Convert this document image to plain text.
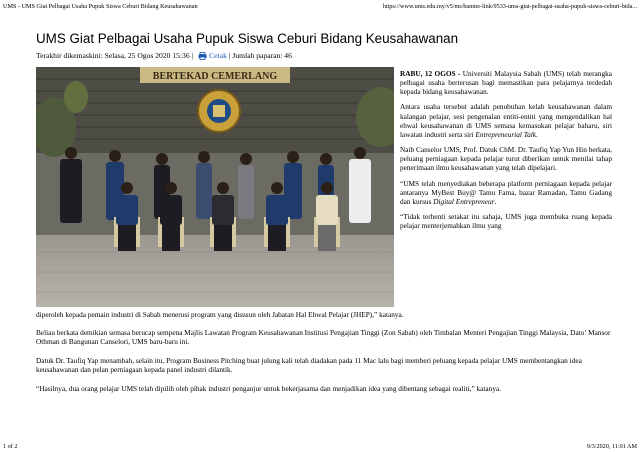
UMS - UMS Giat Pelbagai Usaha Pupuk Siswa Ceburi Bidang Keusahawanan	https://www.ums.edu.my/v5/ms/banner-link/9533-ums-giat-pelbagai-usaha-pupuk-siswa-ceburi-bida...
UMS Giat Pelbagai Usaha Pupuk Siswa Ceburi Bidang Keusahawanan
Terakhir dikemaskini: Selasa, 25 Ogos 2020 15:36 | Cetak | Jumlah paparan: 46
BERTEKAD CEMERLANG	RABU, 12 OGOS - Universiti Malaysia Sabah (UMS) telah merangka pelbagai usaha berterusan bagi memastikan para pelajarnya terdedah kepada bidang keusahawanan.

Antara usaha tersebut adalah penubuhan kelab keusahawanan dalam kalangan pelajar, sesi pengenalan entiti-entiti yang mengendalikan hal ehwal keusahawanan di UMS semasa kemasukan pelajar baharu, siri lawatan industri serta siri Entrepreneurial Talk.

Naib Canselor UMS, Prof. Datuk ChM. Dr. Taufiq Yap Yun Hin berkata, peluang perniagaan kepada pelajar turut diberikan untuk menilai tahap penerimaan ilmu keusahawanan yang telah dipelajari.

“UMS telah menyediakan beberapa platform perniagaan kepada pelajar antaranya MyBest Buy@ Tamu Fama, bazar Ramadan, Tamu Gadang dan kursus Digital Entrepreneur.

“Tidak terhenti setakat itu sahaja, UMS juga membuka ruang kepada pelajar menterjemahkan ilmu yang

diperoleh kepada pemain industri di Sabah menerusi program yang disusun oleh Jabatan Hal Ehwal Pelajar (JHEP),” katanya.
Beliau berkata demikian semasa berucap sempena Majlis Lawatan Program Keusahawanan Institusi Pengajian Tinggi (Zon Sabah) oleh Timbalan Menteri Pengajian Tinggi Malaysia, Dato’ Mansor Othman di Bangunan Canselori, UMS baru-baru ini.
Datuk Dr. Taufiq Yap menambah, selain itu, Program Business Pitching buat julung kali telah diadakan pada 11 Mac lalu bagi memberi peluang kepada pelajar UMS membentangkan idea keusahawanan dan pelan perniagaan kepada panel industri dilantik.
“Hasilnya, dua orang pelajar UMS telah dipilih oleh pihak industri penganjur untuk bekerjasama dan menjadikan idea yang dibentang sebagai realiti,” katanya.
1 of 2	9/3/2020, 11:01 AM
